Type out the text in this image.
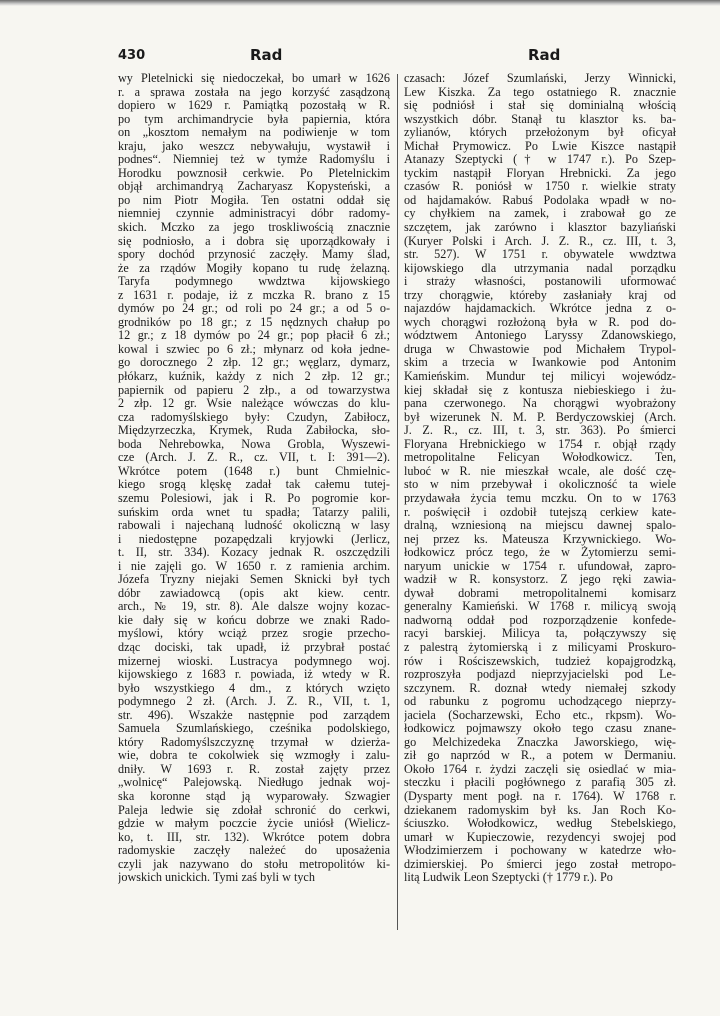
430	Rad	Rad
wy Pletelnicki się niedoczekał, bo umarł w 1626
r. a sprawa została na jego korzyść zasądzoną
dopiero w 1629 r. Pamiątką pozostałą w R.
po tym archimandrycie była papiernia, która
on „kosztom nemałym na podiwienje w tom
kraju, jako weszcz nebywałuju, wystawił i
podnes“. Niemniej też w tymże Radomyślu i
Horodku powznosił cerkwie. Po Pletelnickim
objął archimandryą Zacharyasz Kopysteński, a
po nim Piotr Mogiła. Ten ostatni oddał się
niemniej czynnie administracyi dóbr radomy-
skich. Mczko za jego troskliwością znacznie
się podniosło, a i dobra się uporządkowały i
spory dochód przynosić zaczęły. Mamy ślad,
że za rządów Mogiły kopano tu rudę żelazną.
Taryfa podymnego wwdztwa kijowskiego
z 1631 r. podaje, iż z mczka R. brano z 15
dymów po 24 gr.; od roli po 24 gr.; a od 5 o-
grodników po 18 gr.; z 15 nędznych chałup po
12 gr.; z 18 dymów po 24 gr.; pop płacił 6 zł.;
kowal i szwiec po 6 zł.; młynarz od koła jedne-
go dorocznego 2 złp. 12 gr.; węglarz, dymarz,
płókarz, kuźnik, każdy z nich 2 złp. 12 gr.;
papiernik od papieru 2 złp., a od towarzystwa
2 złp. 12 gr. Wsie należące wówczas do klu-
cza radomyślskiego były: Czudyn, Zabiłocz,
Międzyrzeczka, Krymek, Ruda Zabiłocka, sło-
boda Nehrebowka, Nowa Grobla, Wyszewi-
cze (Arch. J. Z. R., cz. VII, t. I: 391—2).
Wkrótce potem (1648 r.) bunt Chmielnic-
kiego srogą klęskę zadał tak całemu tutej-
szemu Polesiowi, jak i R. Po pogromie kor-
suńskim orda wnet tu spadła; Tatarzy palili,
rabowali i najechaną ludność okoliczną w lasy
i niedostępne pozapędzali kryjowki (Jerlicz,
t. II, str. 334). Kozacy jednak R. oszczędzili
i nie zajęli go. W 1650 r. z ramienia archim.
Józefa Tryzny niejaki Semen Sknicki był tych
dóbr zawiadowcą (opis akt kiew. centr.
arch., № 19, str. 8). Ale dalsze wojny kozac-
kie dały się w końcu dobrze we znaki Rado-
myślowi, który wciąż przez srogie przecho-
dząc dociski, tak upadł, iż przybrał postać
mizernej wioski. Lustracya podymnego woj.
kijowskiego z 1683 r. powiada, iż wtedy w R.
było wszystkiego 4 dm., z których wzięto
podymnego 2 zł. (Arch. J. Z. R., VII, t. 1,
str. 496). Wszakże następnie pod zarządem
Samuela Szumlańskiego, cześnika podolskiego,
który Radomyślszczyznę trzymał w dzierża-
wie, dobra te cokolwiek się wzmogły i zalu-
dniły. W 1693 r. R. został zajęty przez
„wolnicę“ Palejowską. Niedługo jednak woj-
ska koronne stąd ją wyparowały. Szwagier
Paleja ledwie się zdołał schronić do cerkwi,
gdzie w małym poczcie życie uniósł (Wielicz-
ko, t. III, str. 132). Wkrótce potem dobra
radomyskie zaczęły należeć do uposażenia
czyli jak nazywano do stołu metropolitów ki-
jowskich unickich. Tymi zaś byli w tych
czasach: Józef Szumlański, Jerzy Winnicki,
Lew Kiszka. Za tego ostatniego R. znacznie
się podniósł i stał się dominialną włością
wszystkich dóbr. Stanął tu klasztor ks. ba-
zylianów, których przełożonym był oficyał
Michał Prymowicz. Po Lwie Kiszce nastąpił
Atanazy Szeptycki († w 1747 r.). Po Szep-
tyckim nastąpił Floryan Hrebnicki. Za jego
czasów R. poniósł w 1750 r. wielkie straty
od hajdamaków. Rabuś Podolaka wpadł w no-
cy chyłkiem na zamek, i zrabował go ze
szczętem, jak zarówno i klasztor bazyliański
(Kuryer Polski i Arch. J. Z. R., cz. III, t. 3,
str. 527). W 1751 r. obywatele wwdztwa
kijowskiego dla utrzymania nadal porządku
i straży własności, postanowili uformować
trzy chorągwie, któreby zasłaniały kraj od
najazdów hajdamackich. Wkrótce jedna z o-
wych chorągwi rozłożoną była w R. pod do-
wództwem Antoniego Laryssy Zdanowskiego,
druga w Chwastowie pod Michałem Trypol-
skim a trzecia w Iwankowie pod Antonim
Kamieńskim. Mundur tej milicyi wojewódz-
kiej składał się z kontusza niebieskiego i żu-
pana czerwonego. Na chorągwi wyobrażony
był wizerunek N. M. P. Berdyczowskiej (Arch.
J. Z. R., cz. III, t. 3, str. 363). Po śmierci
Floryana Hrebnickiego w 1754 r. objął rządy
metropolitalne Felicyan Wołodkowicz. Ten,
luboć w R. nie mieszkał wcale, ale dość czę-
sto w nim przebywał i okoliczność ta wiele
przydawała życia temu mczku. On to w 1763
r. poświęcił i ozdobił tutejszą cerkiew kate-
dralną, wzniesioną na miejscu dawnej spalo-
nej przez ks. Mateusza Krzywnickiego. Wo-
łodkowicz prócz tego, że w Żytomierzu semi-
naryum unickie w 1754 r. ufundował, zapro-
wadził w R. konsystorz. Z jego ręki zawia-
dywał dobrami metropolitalnemi komisarz
generalny Kamieński. W 1768 r. milicyą swoją
nadworną oddał pod rozporządzenie konfede-
racyi barskiej. Milicya ta, połączywszy się
z palestrą żytomierską i z milicyami Proskuro-
rów i Rościszewskich, tudzież kopajgrodzką,
rozproszyła podjazd nieprzyjacielski pod Le-
szczynem. R. doznał wtedy niemałej szkody
od rabunku z pogromu uchodzącego nieprzy-
jaciela (Socharzewski, Echo etc., rkpsm). Wo-
łodkowicz pojmawszy około tego czasu znane-
go Melchizedeka Znaczka Jaworskiego, wię-
ził go naprzód w R., a potem w Dermaniu.
Około 1764 r. żydzi zaczęli się osiedlać w mia-
steczku i płacili pogłównego z parafią 305 zł.
(Dysparty ment pogł. na r. 1764). W 1768 r.
dziekanem radomyskim był ks. Jan Roch Ko-
ściuszko. Wołodkowicz, według Stebelskiego,
umarł w Kupieczowie, rezydencyi swojej pod
Włodzimierzem i pochowany w katedrze wło-
dzimierskiej. Po śmierci jego został metropo-
litą Ludwik Leon Szeptycki († 1779 r.). Po
